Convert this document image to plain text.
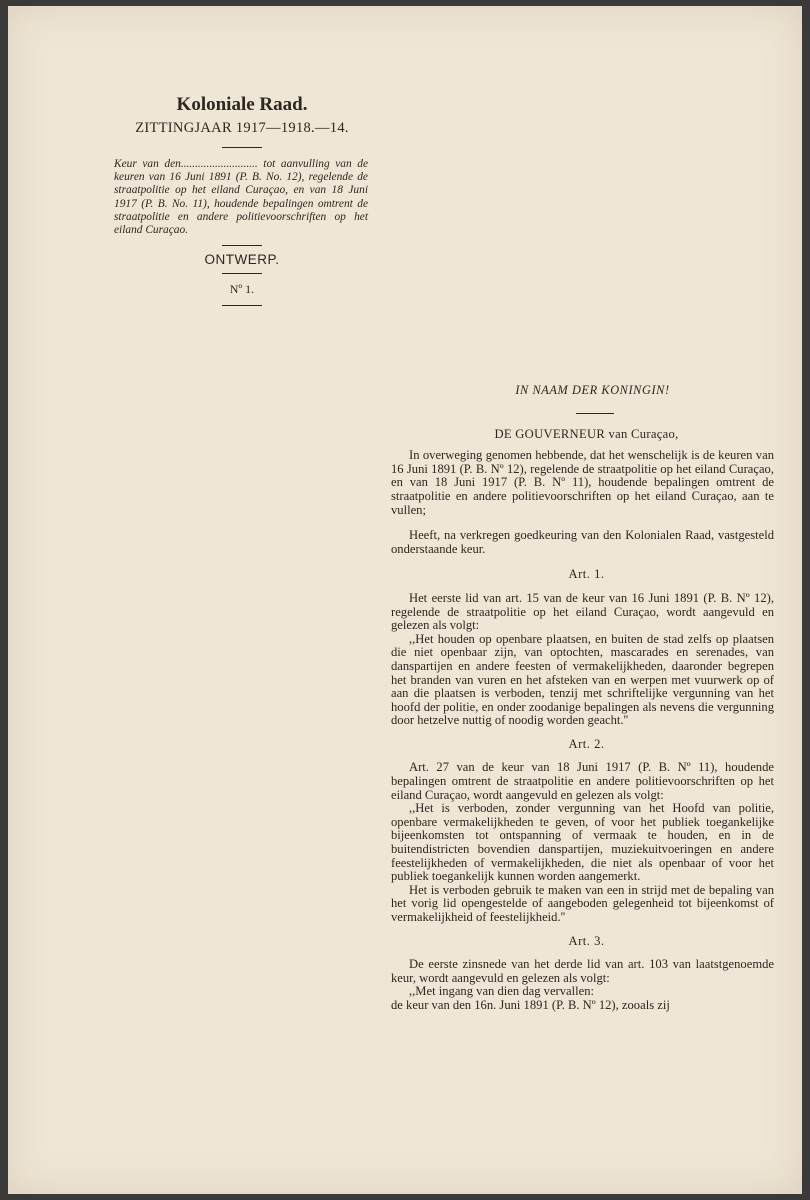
Koloniale Raad.

ZITTINGJAAR 1917—1918.—14.

Keur van den........................... tot aanvulling van de keuren van 16 Juni 1891 (P. B. No. 12), regelende de straatpolitie op het eiland Curaçao, en van 18 Juni 1917 (P. B. No. 11), houdende bepalingen omtrent de straatpolitie en andere politievoorschriften op het eiland Curaçao.

ONTWERP.

Nº 1.

IN NAAM DER KONINGIN!

DE GOUVERNEUR van Curaçao,

In overweging genomen hebbende, dat het wenschelijk is de keuren van 16 Juni 1891 (P. B. Nº 12), regelende de straatpolitie op het eiland Curaçao, en van 18 Juni 1917 (P. B. Nº 11), houdende bepalingen omtrent de straatpolitie en andere politievoorschriften op het eiland Curaçao, aan te vullen;

Heeft, na verkregen goedkeuring van den Kolonialen Raad, vastgesteld onderstaande keur.

Art. 1.

Het eerste lid van art. 15 van de keur van 16 Juni 1891 (P. B. Nº 12), regelende de straatpolitie op het eiland Curaçao, wordt aangevuld en gelezen als volgt:

,,Het houden op openbare plaatsen, en buiten de stad zelfs op plaatsen die niet openbaar zijn, van optochten, mascarades en serenades, van danspartijen en andere feesten of vermakelijkheden, daaronder begrepen het branden van vuren en het afsteken van en werpen met vuurwerk op of aan die plaatsen is verboden, tenzij met schriftelijke vergunning van het hoofd der politie, en onder zoodanige bepalingen als nevens die vergunning door hetzelve nuttig of noodig worden geacht.''

Art. 2.

Art. 27 van de keur van 18 Juni 1917 (P. B. Nº 11), houdende bepalingen omtrent de straatpolitie en andere politievoorschriften op het eiland Curaçao, wordt aangevuld en gelezen als volgt:

,,Het is verboden, zonder vergunning van het Hoofd van politie, openbare vermakelijkheden te geven, of voor het publiek toegankelijke bijeenkomsten tot ontspanning of vermaak te houden, en in de buitendistricten bovendien danspartijen, muziekuitvoeringen en andere feestelijkheden of vermakelijkheden, die niet als openbaar of voor het publiek toegankelijk kunnen worden aangemerkt.

Het is verboden gebruik te maken van een in strijd met de bepaling van het vorig lid opengestelde of aangeboden gelegenheid tot bijeenkomst of vermakelijkheid of feestelijkheid.''

Art. 3.

De eerste zinsnede van het derde lid van art. 103 van laatstgenoemde keur, wordt aangevuld en gelezen als volgt:

,,Met ingang van dien dag vervallen:

de keur van den 16n. Juni 1891 (P. B. Nº 12), zooals zij
